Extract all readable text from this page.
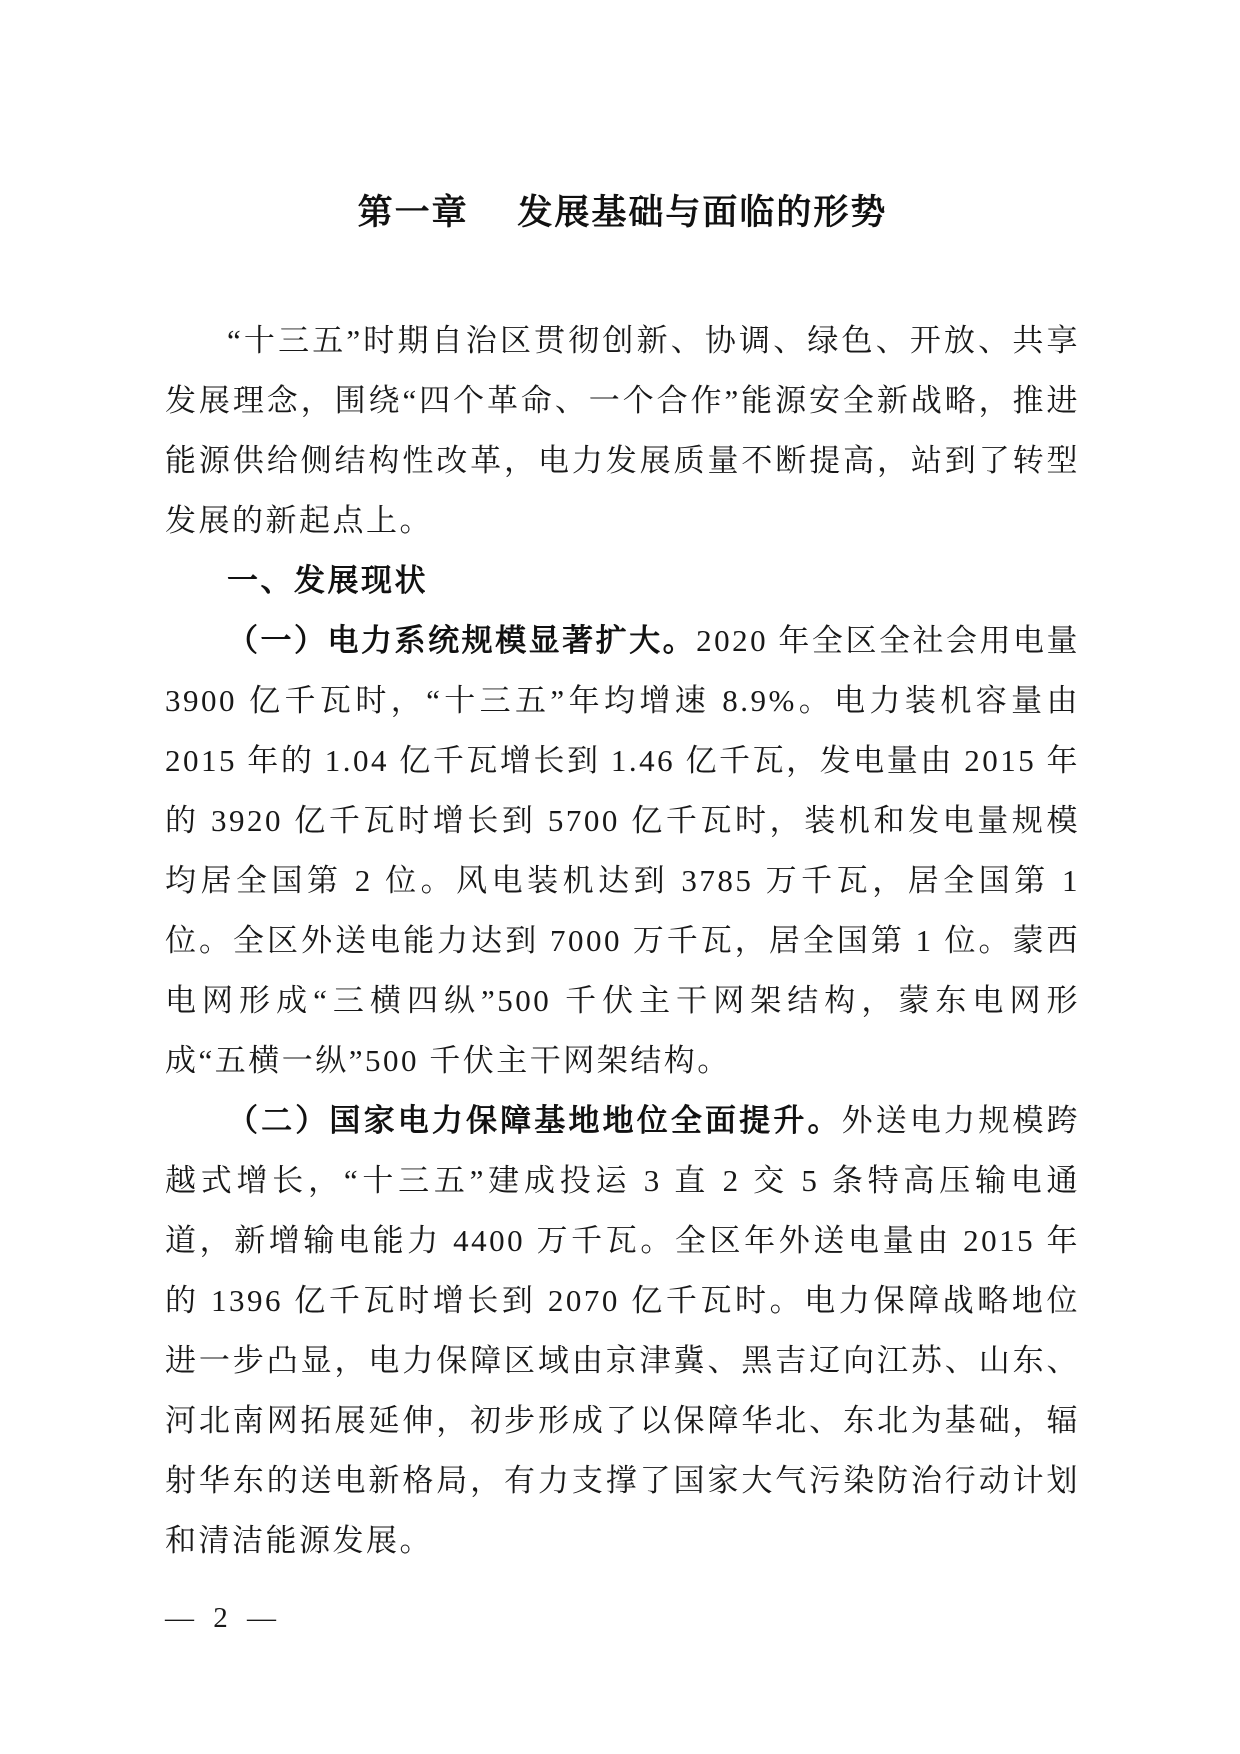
第一章　 发展基础与面临的形势

“十三五”时期自治区贯彻创新、协调、绿色、开放、共享发展理念，围绕“四个革命、一个合作”能源安全新战略，推进能源供给侧结构性改革，电力发展质量不断提高，站到了转型发展的新起点上。

一、发展现状

（一）电力系统规模显著扩大。2020 年全区全社会用电量 3900 亿千瓦时，“十三五”年均增速 8.9%。电力装机容量由 2015 年的 1.04 亿千瓦增长到 1.46 亿千瓦，发电量由 2015 年的 3920 亿千瓦时增长到 5700 亿千瓦时，装机和发电量规模均居全国第 2 位。风电装机达到 3785 万千瓦，居全国第 1 位。全区外送电能力达到 7000 万千瓦，居全国第 1 位。蒙西电网形成“三横四纵”500 千伏主干网架结构，蒙东电网形成“五横一纵”500 千伏主干网架结构。

（二）国家电力保障基地地位全面提升。外送电力规模跨越式增长，“十三五”建成投运 3 直 2 交 5 条特高压输电通道，新增输电能力 4400 万千瓦。全区年外送电量由 2015 年的 1396 亿千瓦时增长到 2070 亿千瓦时。电力保障战略地位进一步凸显，电力保障区域由京津冀、黑吉辽向江苏、山东、河北南网拓展延伸，初步形成了以保障华北、东北为基础，辐射华东的送电新格局，有力支撑了国家大气污染防治行动计划和清洁能源发展。

— 2 —
